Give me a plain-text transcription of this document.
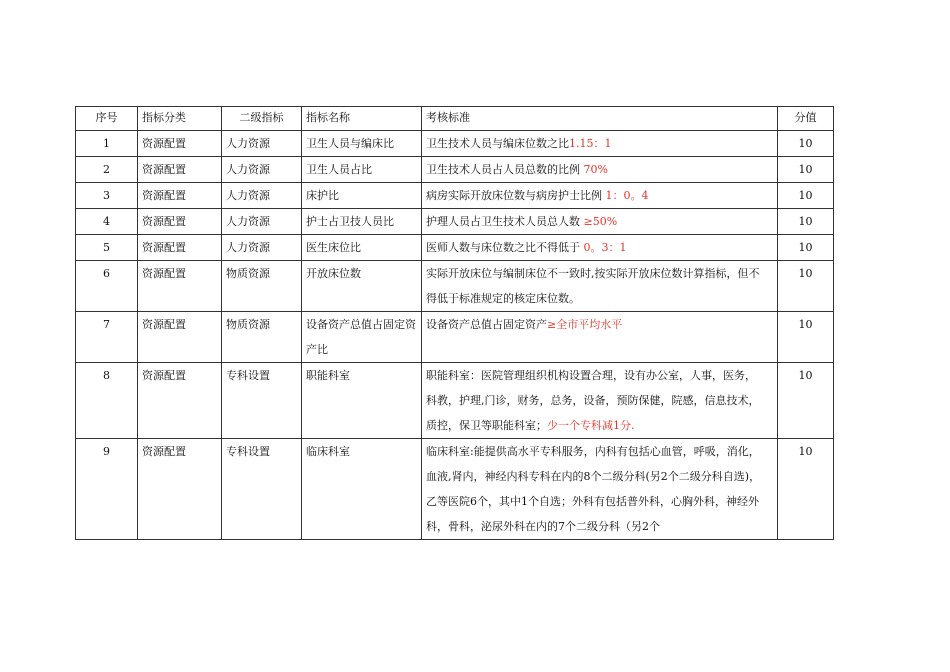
序号	指标分类	二级指标	指标名称	考核标准	分值
1	资源配置	人力资源	卫生人员与编床比	卫生技术人员与编床位数之比1.15：1	10
2	资源配置	人力资源	卫生人员占比	卫生技术人员占人员总数的比例 70%	10
3	资源配置	人力资源	床护比	病房实际开放床位数与病房护士比例 1：0。4	10
4	资源配置	人力资源	护士占卫技人员比	护理人员占卫生技术人员总人数 ≥50%	10
5	资源配置	人力资源	医生床位比	医师人数与床位数之比不得低于 0。3：1	10
6	资源配置	物质资源	开放床位数	实际开放床位与编制床位不一致时,按实际开放床位数计算指标，但不得低于标准规定的核定床位数。	10
7	资源配置	物质资源	设备资产总值占固定资产比	设备资产总值占固定资产≥全市平均水平	10
8	资源配置	专科设置	职能科室	职能科室：医院管理组织机构设置合理，设有办公室，人事，医务，科教，护理,门诊，财务，总务，设备，预防保健，院感，信息技术，质控，保卫等职能科室；少一个专科减1分.	10
9	资源配置	专科设置	临床科室	临床科室:能提供高水平专科服务，内科有包括心血管，呼吸，消化，血液,肾内，神经内科专科在内的8个二级分科(另2个二级分科自选)，乙等医院6个，其中1个自选；外科有包括普外科，心胸外科，神经外科，骨科，泌尿外科在内的7个二级分科（另2个	10
